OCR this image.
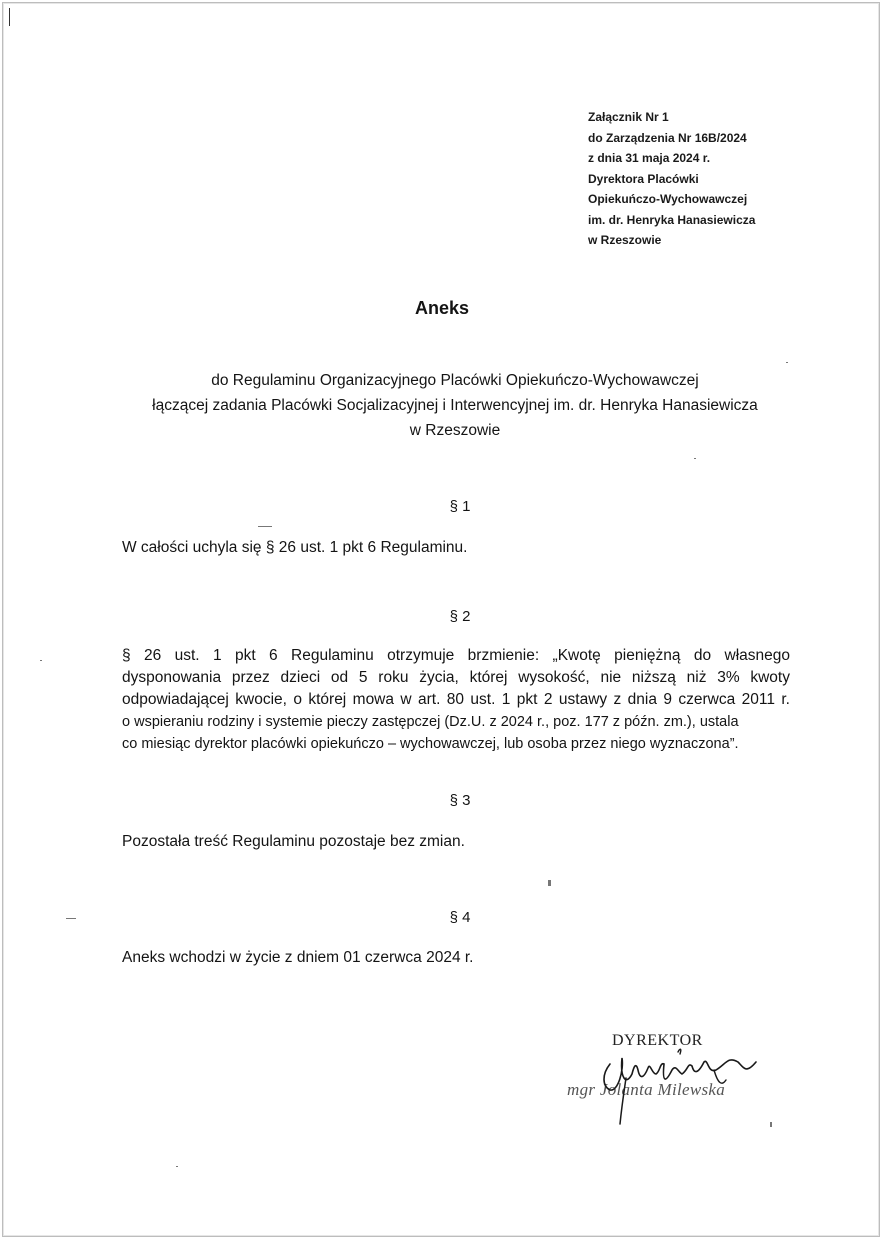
Załącznik Nr 1
do Zarządzenia Nr 16B/2024
z dnia 31 maja 2024 r.
Dyrektora Placówki
Opiekuńczo-Wychowawczej
im. dr. Henryka Hanasiewicza
w Rzeszowie
Aneks
do Regulaminu Organizacyjnego Placówki Opiekuńczo-Wychowawczej
łączącej zadania Placówki Socjalizacyjnej i Interwencyjnej im. dr. Henryka Hanasiewicza
w Rzeszowie
§ 1
W całości uchyla się § 26 ust. 1 pkt 6 Regulaminu.
§ 2
§ 26 ust. 1 pkt 6 Regulaminu otrzymuje brzmienie: „Kwotę pieniężną do własnego
dysponowania przez dzieci od 5 roku życia, której wysokość, nie niższą niż 3% kwoty
odpowiadającej kwocie, o której mowa w art. 80 ust. 1 pkt 2 ustawy z dnia 9 czerwca 2011 r.
o wspieraniu rodziny i systemie pieczy zastępczej (Dz.U. z 2024 r., poz. 177 z późn. zm.), ustala
co miesiąc dyrektor placówki opiekuńczo – wychowawczej, lub osoba przez niego wyznaczona”.
§ 3
Pozostała treść Regulaminu pozostaje bez zmian.
§ 4
Aneks wchodzi w życie z dniem 01 czerwca 2024 r.
DYREKTOR
mgr Jolanta Milewska
